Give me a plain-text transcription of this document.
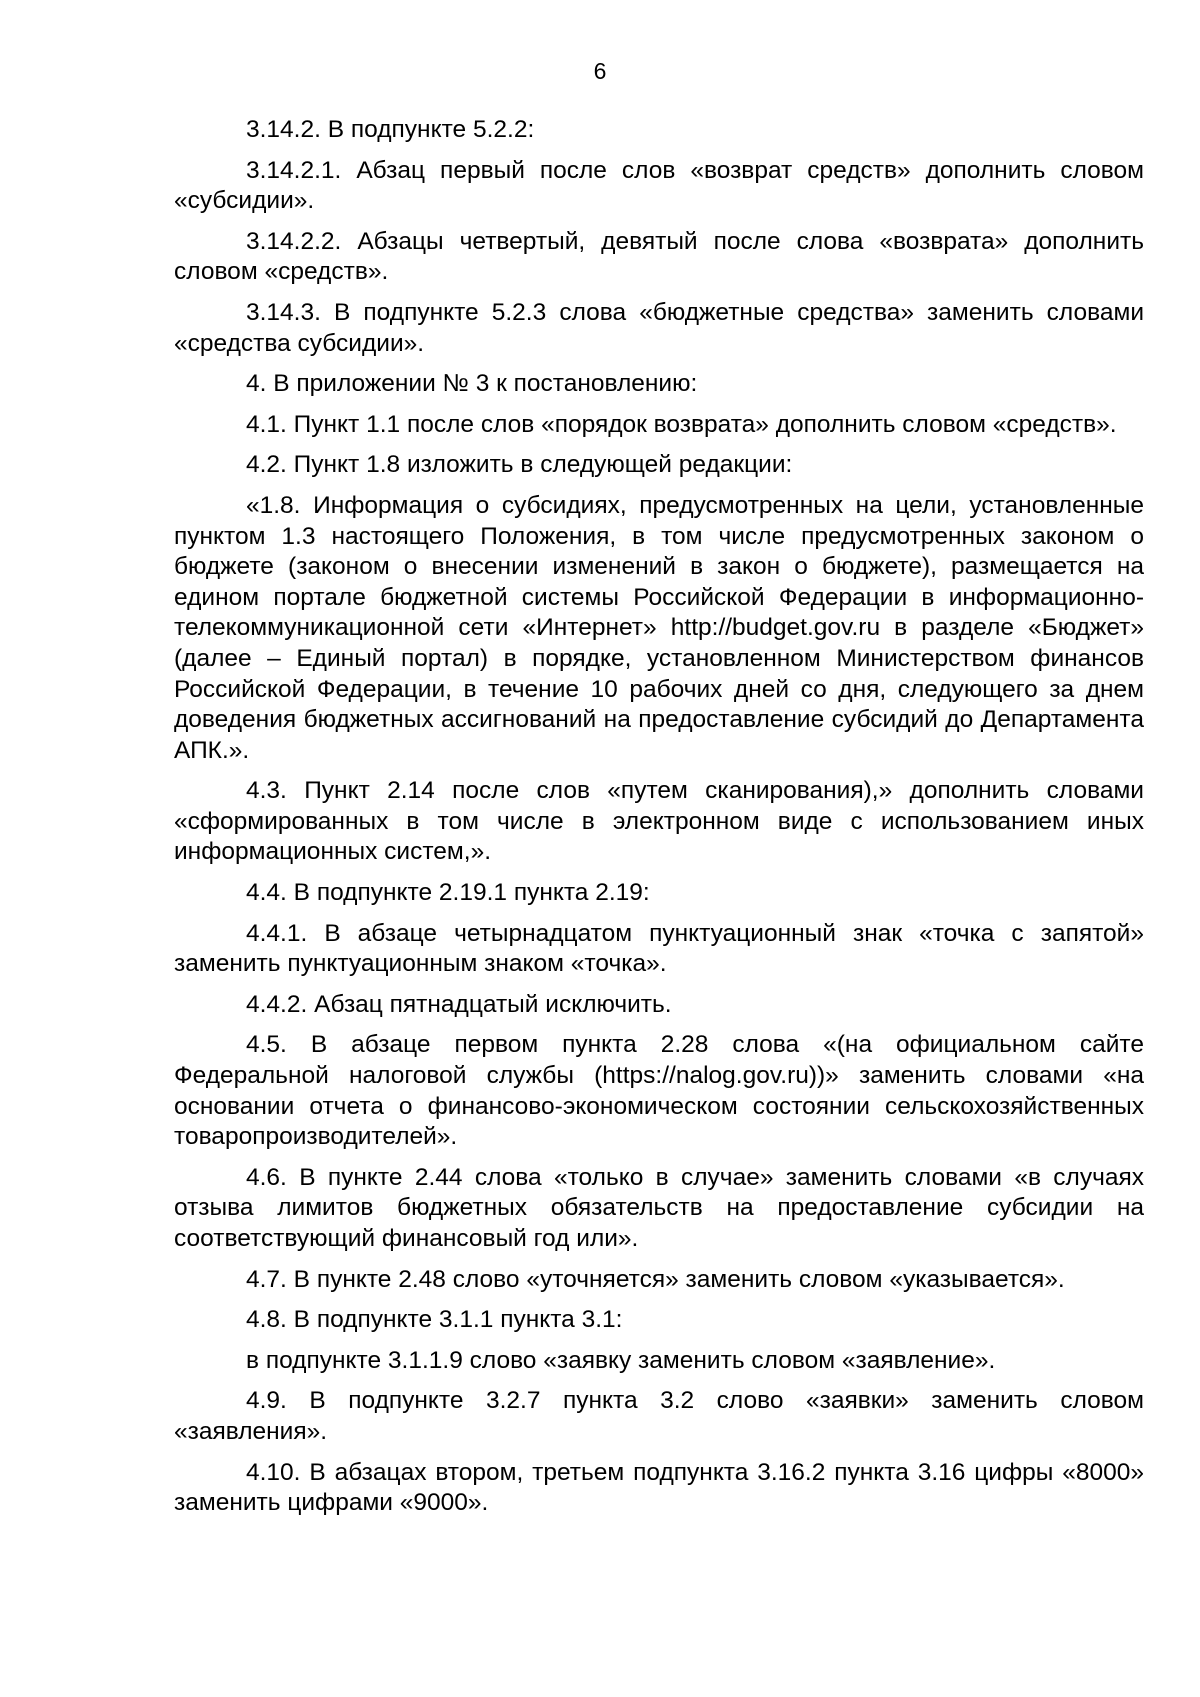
6

3.14.2. В подпункте 5.2.2:

3.14.2.1. Абзац первый после слов «возврат средств» дополнить словом «субсидии».

3.14.2.2. Абзацы четвертый, девятый после слова «возврата» дополнить словом «средств».

3.14.3. В подпункте 5.2.3 слова «бюджетные средства» заменить словами «средства субсидии».

4. В приложении № 3 к постановлению:

4.1. Пункт 1.1 после слов «порядок возврата» дополнить словом «средств».

4.2. Пункт 1.8 изложить в следующей редакции:

«1.8. Информация о субсидиях, предусмотренных на цели, установленные пунктом 1.3 настоящего Положения, в том числе предусмотренных законом о бюджете (законом о внесении изменений в закон о бюджете), размещается на едином портале бюджетной системы Российской Федерации в информационно-телекоммуникационной сети «Интернет» http://budget.gov.ru в разделе «Бюджет» (далее – Единый портал) в порядке, установленном Министерством финансов Российской Федерации, в течение 10 рабочих дней со дня, следующего за днем доведения бюджетных ассигнований на предоставление субсидий до Департамента АПК.».

4.3. Пункт 2.14 после слов «путем сканирования),» дополнить словами «сформированных в том числе в электронном виде с использованием иных информационных систем,».

4.4. В подпункте 2.19.1 пункта 2.19:

4.4.1. В абзаце четырнадцатом пунктуационный знак «точка с запятой» заменить пунктуационным знаком «точка».

4.4.2. Абзац пятнадцатый исключить.

4.5. В абзаце первом пункта 2.28 слова «(на официальном сайте Федеральной налоговой службы (https://nalog.gov.ru))» заменить словами «на основании отчета о финансово-экономическом состоянии сельскохозяйственных товаропроизводителей».

4.6. В пункте 2.44 слова «только в случае» заменить словами «в случаях отзыва лимитов бюджетных обязательств на предоставление субсидии на соответствующий финансовый год или».

4.7. В пункте 2.48 слово «уточняется» заменить словом «указывается».

4.8. В подпункте 3.1.1 пункта 3.1:

в подпункте 3.1.1.9 слово «заявку заменить словом «заявление».

4.9. В подпункте 3.2.7 пункта 3.2 слово «заявки» заменить словом «заявления».

4.10. В абзацах втором, третьем подпункта 3.16.2 пункта 3.16 цифры «8000» заменить цифрами «9000».
